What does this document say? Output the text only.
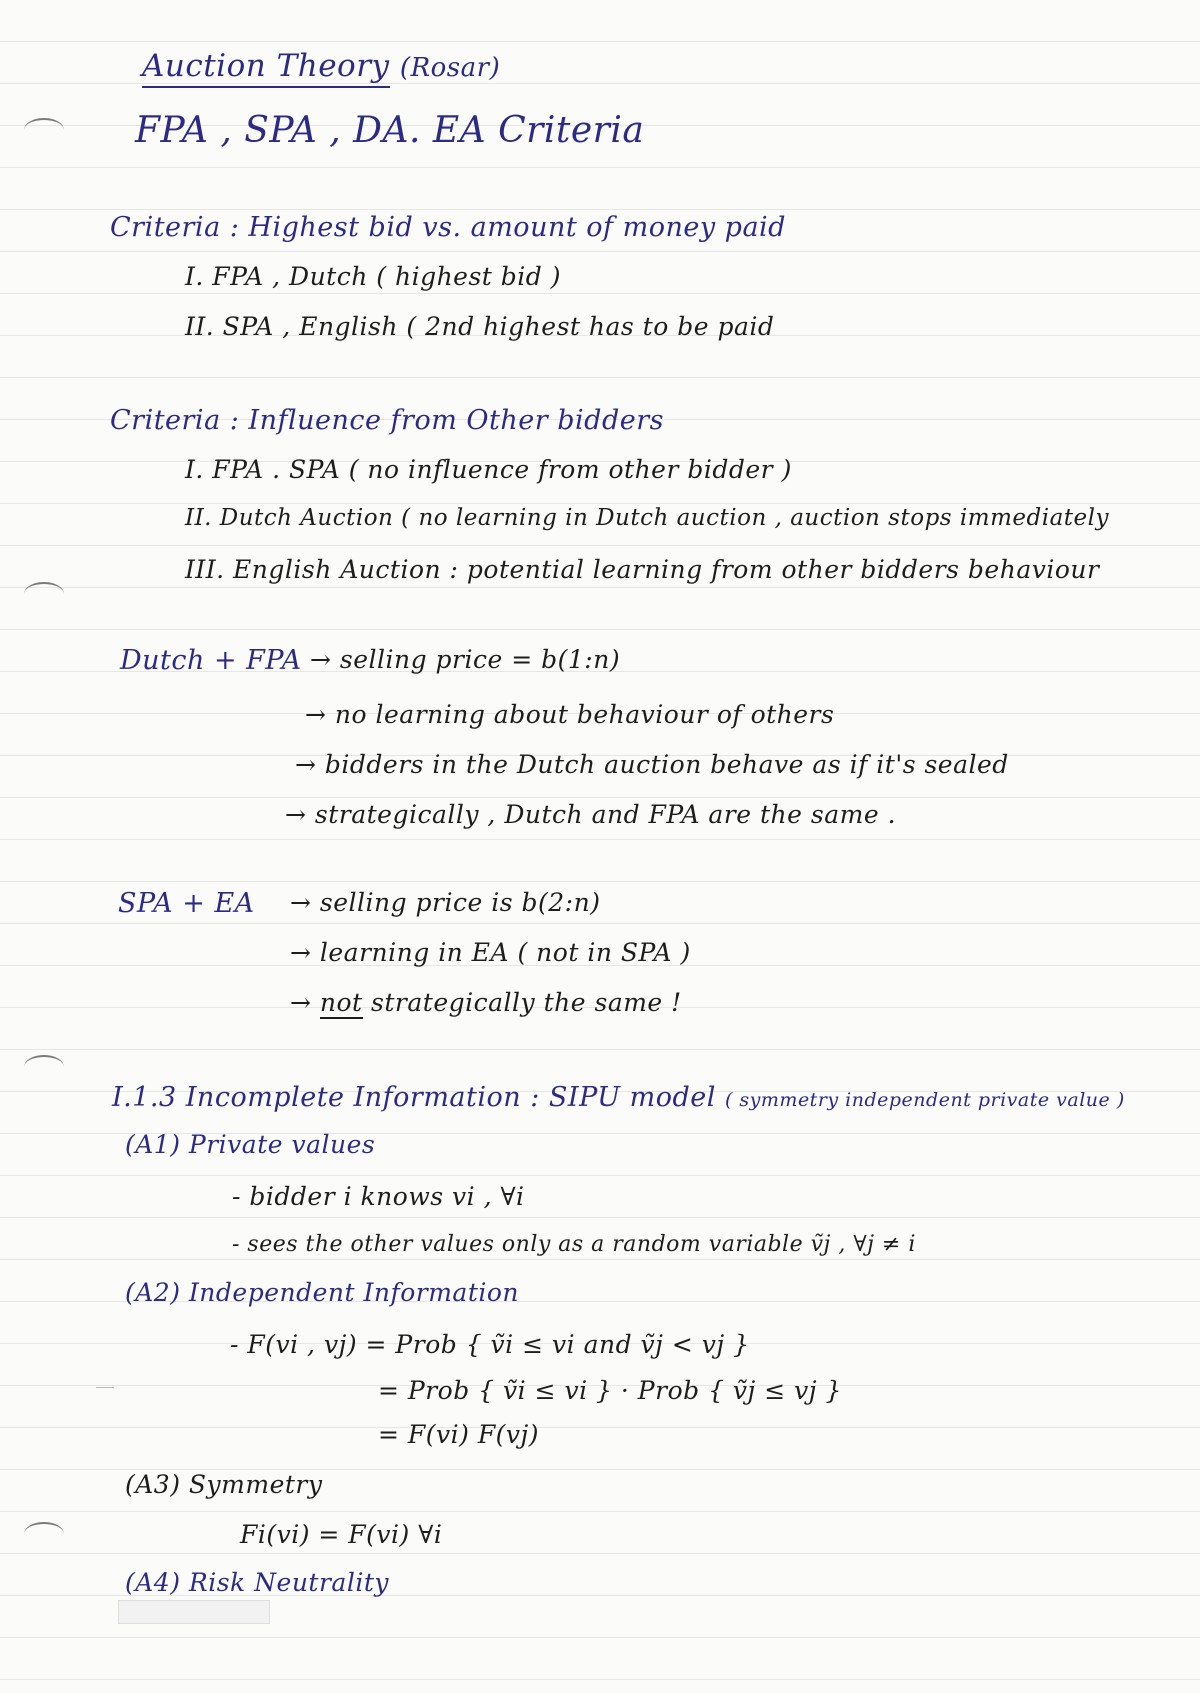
Auction Theory (Rosar)
FPA , SPA , DA. EA Criteria
Criteria : Highest bid vs. amount of money paid
I. FPA , Dutch ( highest bid )
II. SPA , English ( 2nd highest has to be paid
Criteria : Influence from Other bidders
I. FPA . SPA ( no influence from other bidder )
II. Dutch Auction ( no learning in Dutch auction , auction stops immediately
III. English Auction : potential learning from other bidders behaviour
Dutch + FPA → selling price = b(1:n)
→ no learning about behaviour of others
→ bidders in the Dutch auction behave as if it's sealed
→ strategically , Dutch and FPA are the same .
SPA + EA → selling price is b(2:n)
→ learning in EA ( not in SPA )
→ not strategically the same !
I.1.3 Incomplete Information : SIPU model ( symmetry independent private value )
(A1) Private values
- bidder i knows vi , ∀i
- sees the other values only as a random variable ṽj , ∀j ≠ i
(A2) Independent Information
- F(vi , vj) = Prob { ṽi ≤ vi and ṽj < vj }
= Prob { ṽi ≤ vi } · Prob { ṽj ≤ vj }
= F(vi) F(vj)
(A3) Symmetry
Fi(vi) = F(vi) ∀i
(A4) Risk Neutrality
